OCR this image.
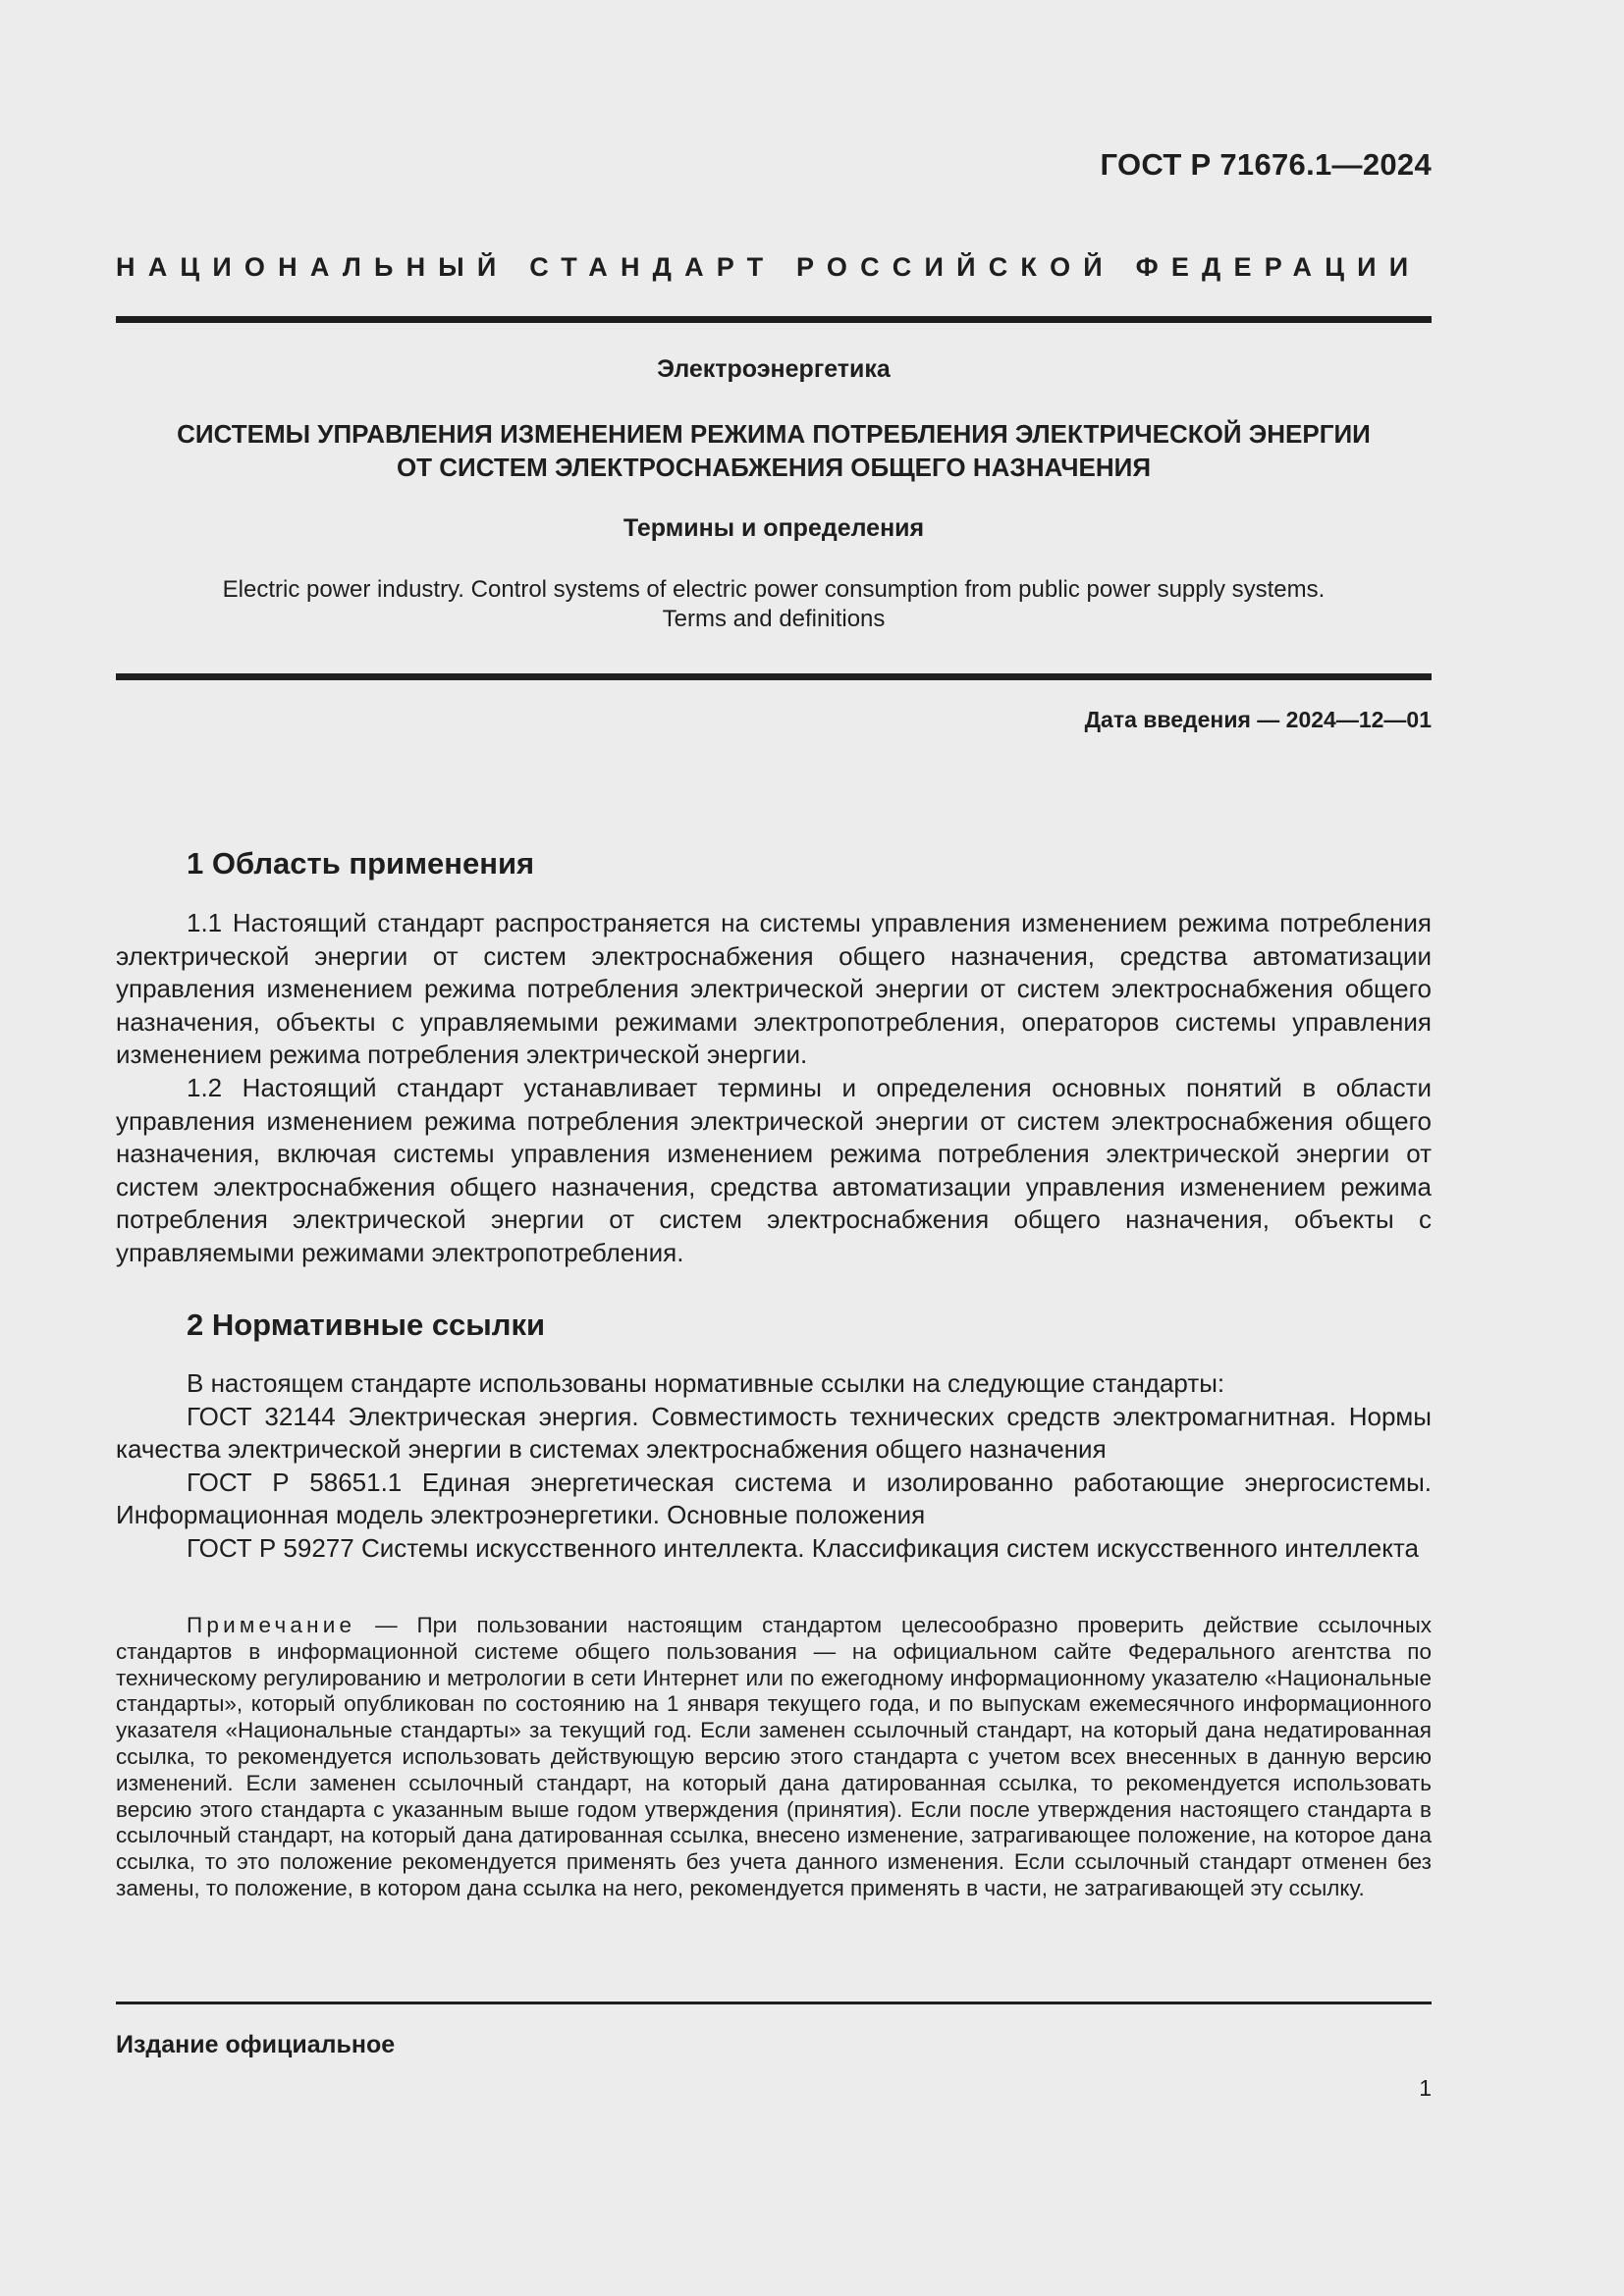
ГОСТ Р 71676.1—2024
НАЦИОНАЛЬНЫЙ СТАНДАРТ РОССИЙСКОЙ ФЕДЕРАЦИИ
Электроэнергетика
СИСТЕМЫ УПРАВЛЕНИЯ ИЗМЕНЕНИЕМ РЕЖИМА ПОТРЕБЛЕНИЯ ЭЛЕКТРИЧЕСКОЙ ЭНЕРГИИ
ОТ СИСТЕМ ЭЛЕКТРОСНАБЖЕНИЯ ОБЩЕГО НАЗНАЧЕНИЯ
Термины и определения
Electric power industry. Control systems of electric power consumption from public power supply systems.
Terms and definitions
Дата введения — 2024—12—01
1 Область применения

1.1 Настоящий стандарт распространяется на системы управления изменением режима потребления электрической энергии от систем электроснабжения общего назначения, средства автоматизации управления изменением режима потребления электрической энергии от систем электроснабжения общего назначения, объекты с управляемыми режимами электропотребления, операторов системы управления изменением режима потребления электрической энергии.

1.2 Настоящий стандарт устанавливает термины и определения основных понятий в области управления изменением режима потребления электрической энергии от систем электроснабжения общего назначения, включая системы управления изменением режима потребления электрической энергии от систем электроснабжения общего назначения, средства автоматизации управления изменением режима потребления электрической энергии от систем электроснабжения общего назначения, объекты с управляемыми режимами электропотребления.

2 Нормативные ссылки

В настоящем стандарте использованы нормативные ссылки на следующие стандарты:

ГОСТ 32144 Электрическая энергия. Совместимость технических средств электромагнитная. Нормы качества электрической энергии в системах электроснабжения общего назначения

ГОСТ Р 58651.1 Единая энергетическая система и изолированно работающие энергосистемы. Информационная модель электроэнергетики. Основные положения

ГОСТ Р 59277 Системы искусственного интеллекта. Классификация систем искусственного интеллекта

Примечание — При пользовании настоящим стандартом целесообразно проверить действие ссылочных стандартов в информационной системе общего пользования — на официальном сайте Федерального агентства по техническому регулированию и метрологии в сети Интернет или по ежегодному информационному указателю «Национальные стандарты», который опубликован по состоянию на 1 января текущего года, и по выпускам ежемесячного информационного указателя «Национальные стандарты» за текущий год. Если заменен ссылочный стандарт, на который дана недатированная ссылка, то рекомендуется использовать действующую версию этого стандарта с учетом всех внесенных в данную версию изменений. Если заменен ссылочный стандарт, на который дана датированная ссылка, то рекомендуется использовать версию этого стандарта с указанным выше годом утверждения (принятия). Если после утверждения настоящего стандарта в ссылочный стандарт, на который дана датированная ссылка, внесено изменение, затрагивающее положение, на которое дана ссылка, то это положение рекомендуется применять без учета данного изменения. Если ссылочный стандарт отменен без замены, то положение, в котором дана ссылка на него, рекомендуется применять в части, не затрагивающей эту ссылку.
Издание официальное
1
